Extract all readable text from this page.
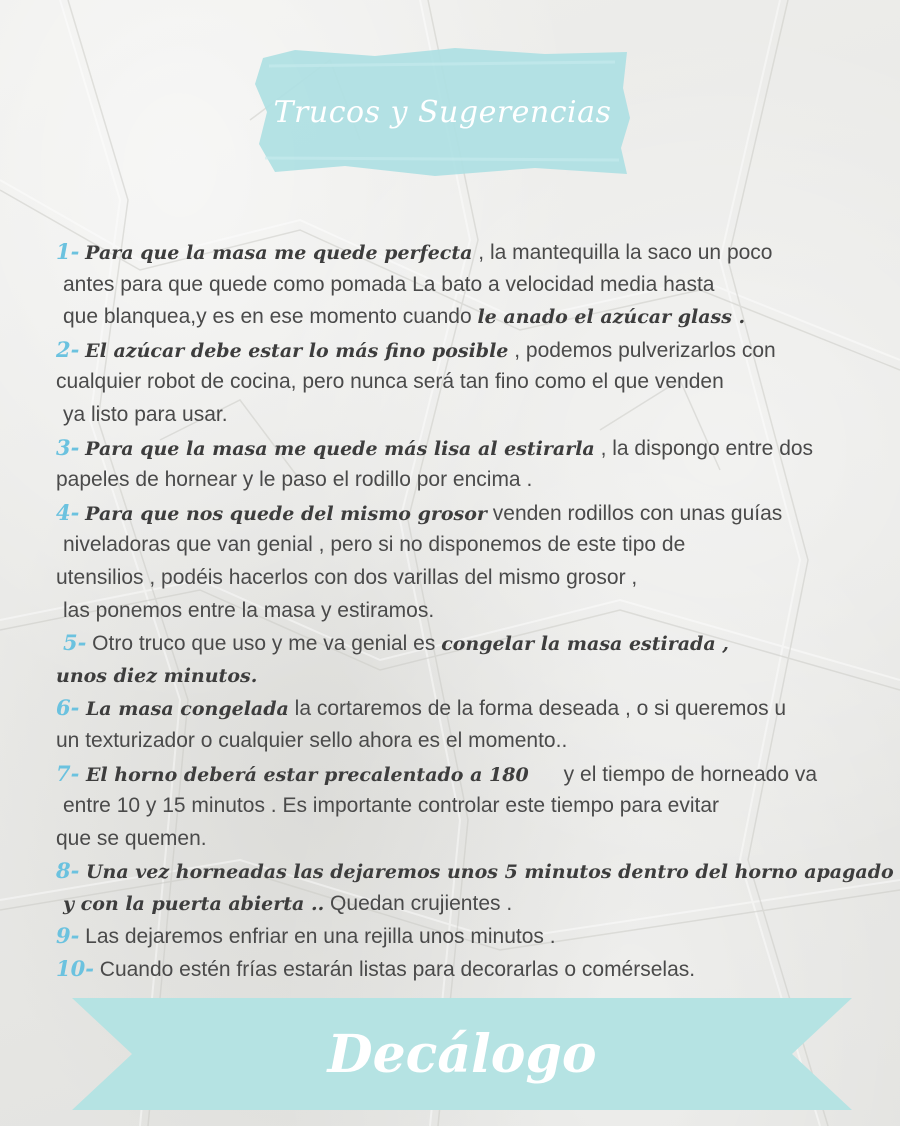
Trucos y Sugerencias
1- Para que la masa me quede perfecta , la mantequilla la saco un poco
antes para que quede como pomada La bato a velocidad media hasta
que blanquea,y es en ese momento cuando le anado el azúcar glass .
2- El azúcar debe estar lo más fino posible , podemos pulverizarlos con
cualquier robot de cocina, pero nunca será tan fino como el que venden
ya listo para usar.
3- Para que la masa me quede más lisa al estirarla , la dispongo entre dos
papeles de hornear y le paso el rodillo por encima .
4- Para que nos quede del mismo grosor venden rodillos con unas guías
niveladoras que van genial , pero si no disponemos de este tipo de
utensilios , podéis hacerlos con dos varillas del mismo grosor ,
las ponemos entre la masa y estiramos.
5- Otro truco que uso y me va genial es congelar la masa estirada ,
unos diez minutos.
6- La masa congelada la cortaremos de la forma deseada , o si queremos u
un texturizador o cualquier sello ahora es el momento..
7- El horno deberá estar precalentado a 180      y el tiempo de horneado va
entre 10 y 15 minutos . Es importante controlar este tiempo para evitar
que se quemen.
8- Una vez horneadas las dejaremos unos 5 minutos dentro del horno apagado
y con la puerta abierta .. Quedan crujientes .
9- Las dejaremos enfriar en una rejilla unos minutos .
10- Cuando estén frías estarán listas para decorarlas o comérselas.
Decálogo
